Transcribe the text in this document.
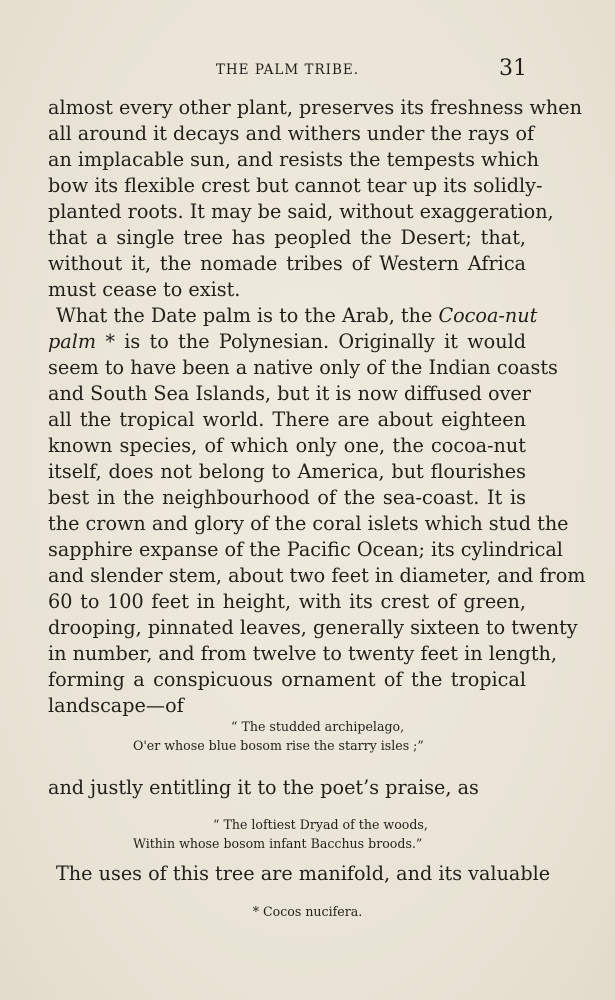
THE PALM TRIBE.	31
almost every other plant, preserves its freshness when
all around it decays and withers under the rays of
an implacable sun, and resists the tempests which
bow its flexible crest but cannot tear up its solidly-
planted roots. It may be said, without exaggeration,
that a single tree has peopled the Desert; that,
without it, the nomade tribes of Western Africa
must cease to exist.
What the Date palm is to the Arab, the Cocoa-nut
palm * is to the Polynesian. Originally it would
seem to have been a native only of the Indian coasts
and South Sea Islands, but it is now diffused over
all the tropical world. There are about eighteen
known species, of which only one, the cocoa-nut
itself, does not belong to America, but flourishes
best in the neighbourhood of the sea-coast. It is
the crown and glory of the coral islets which stud the
sapphire expanse of the Pacific Ocean; its cylindrical
and slender stem, about two feet in diameter, and from
60 to 100 feet in height, with its crest of green,
drooping, pinnated leaves, generally sixteen to twenty
in number, and from twelve to twenty feet in length,
forming a conspicuous ornament of the tropical
landscape—of
“ The studded archipelago,
O'er whose blue bosom rise the starry isles ;”
and justly entitling it to the poet’s praise, as
“ The loftiest Dryad of the woods,
Within whose bosom infant Bacchus broods.”
The uses of this tree are manifold, and its valuable
* Cocos nucifera.
